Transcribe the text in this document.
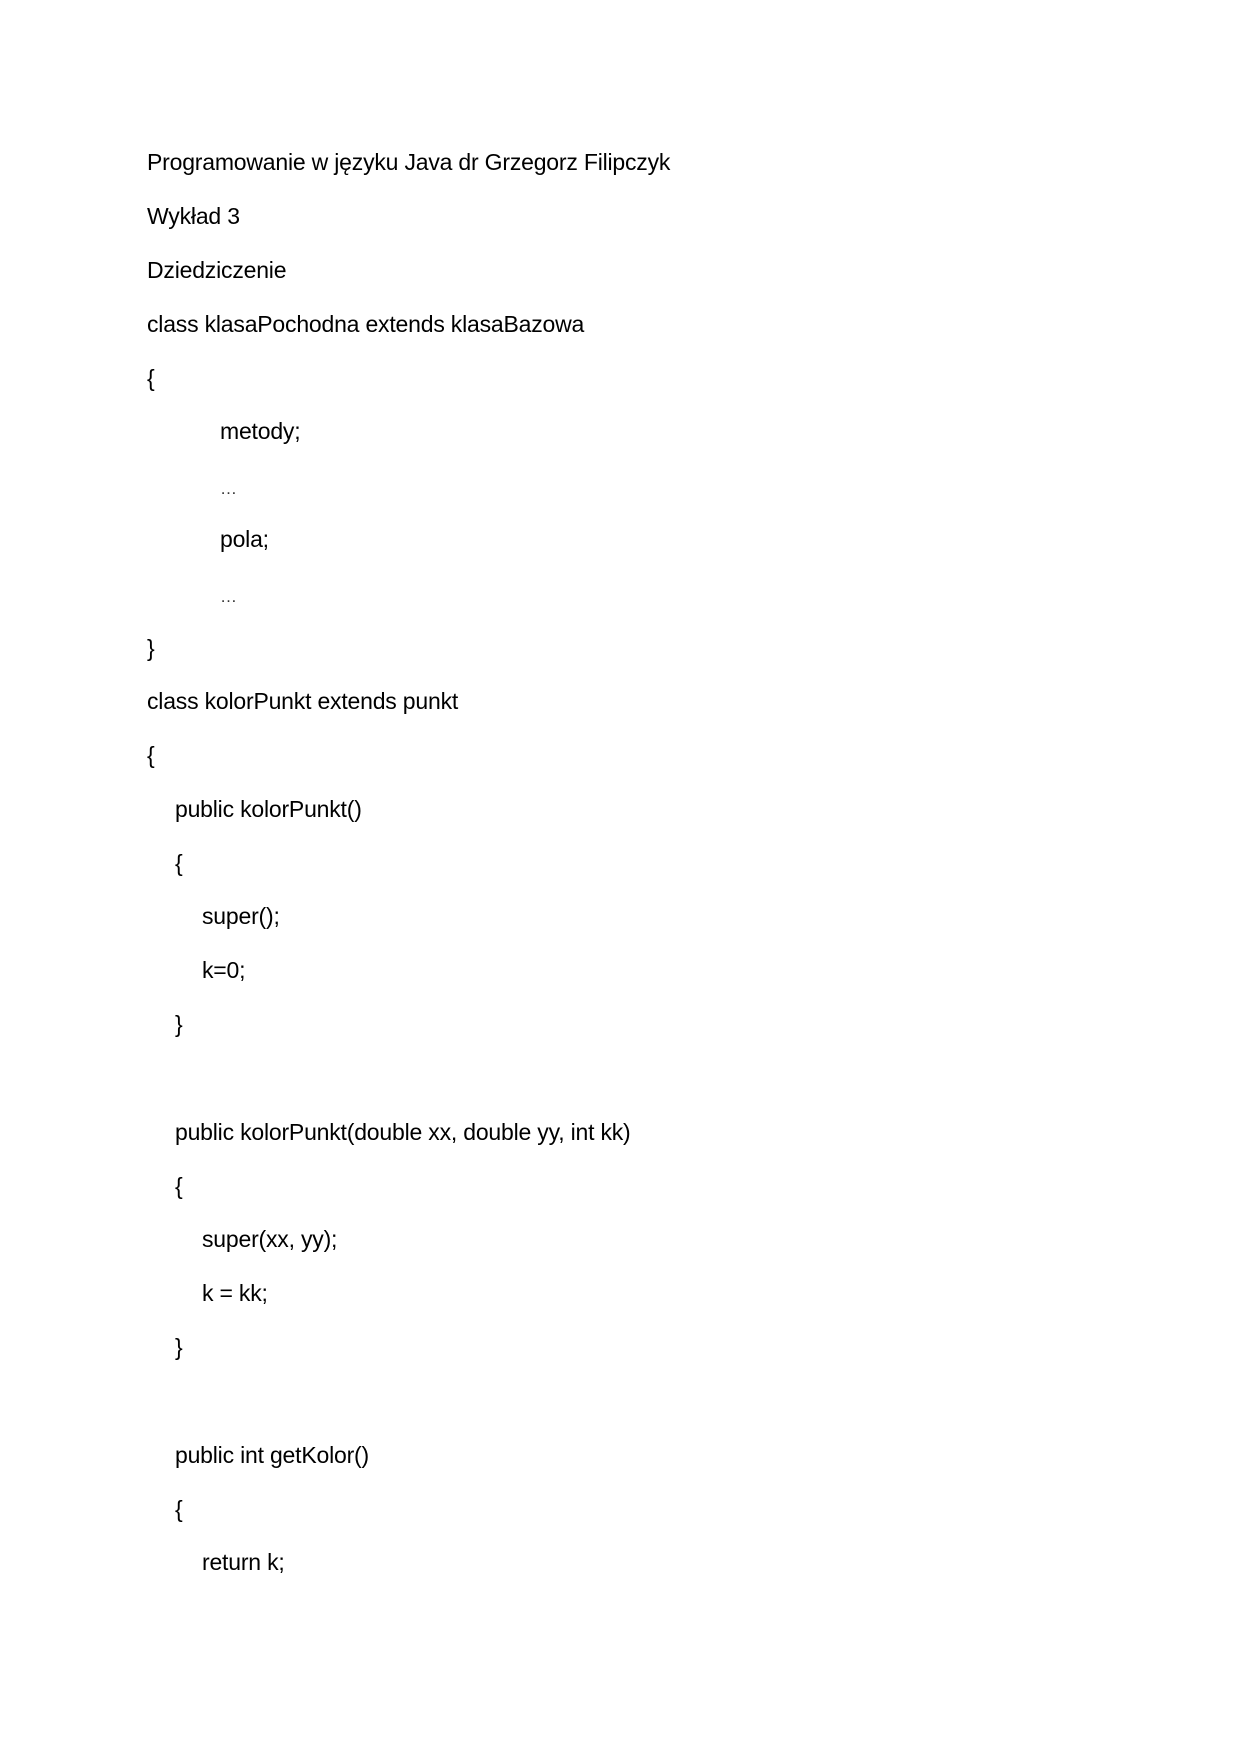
Programowanie w języku Java dr Grzegorz Filipczyk
Wykład 3
Dziedziczenie
class klasaPochodna extends klasaBazowa
{
metody;
…
pola;
…
}
class kolorPunkt extends punkt
{
public kolorPunkt()
{
super();
k=0;
}
public kolorPunkt(double xx, double yy, int kk)
{
super(xx, yy);
k = kk;
}
public int getKolor()
{
return k;
